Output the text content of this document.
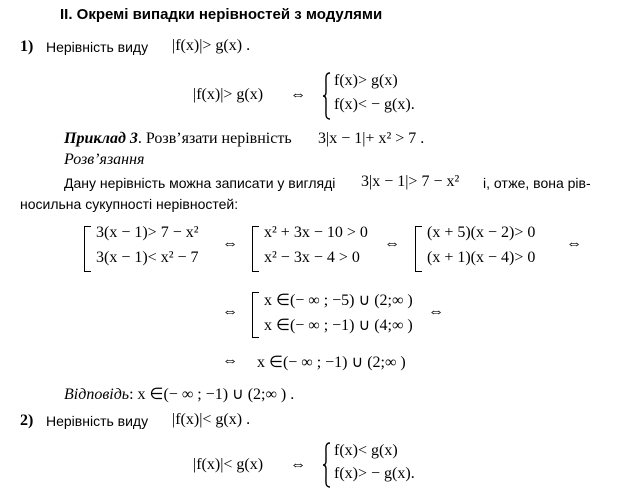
II. Окремі випадки нерівностей з модулями
1) Нерівність виду |f(x)|> g(x) .
|f(x)|> g(x) ⇔
f(x)> g(x)
f(x)< − g(x).
Приклад 3. Розв’язати нерівність 3|x − 1|+ x² > 7 .
Розв’язання
Дану нерівність можна записати у вигляді 3|x − 1|> 7 − x² і, отже, вона рів-
носильна сукупності нерівностей:
3(x − 1)> 7 − x²
3(x − 1)< x² − 7
⇔
x² + 3x − 10 > 0
x² − 3x − 4 > 0
⇔
(x + 5)(x − 2)> 0
(x + 1)(x − 4)> 0
⇔
⇔
x ∈(− ∞ ; −5) ∪ (2;∞ )
x ∈(− ∞ ; −1) ∪ (4;∞ )
⇔
⇔ x ∈(− ∞ ; −1) ∪ (2;∞ )
Відповідь: x ∈(− ∞ ; −1) ∪ (2;∞ ) .
2) Нерівність виду |f(x)|< g(x) .
|f(x)|< g(x) ⇔
f(x)< g(x)
f(x)> − g(x).
